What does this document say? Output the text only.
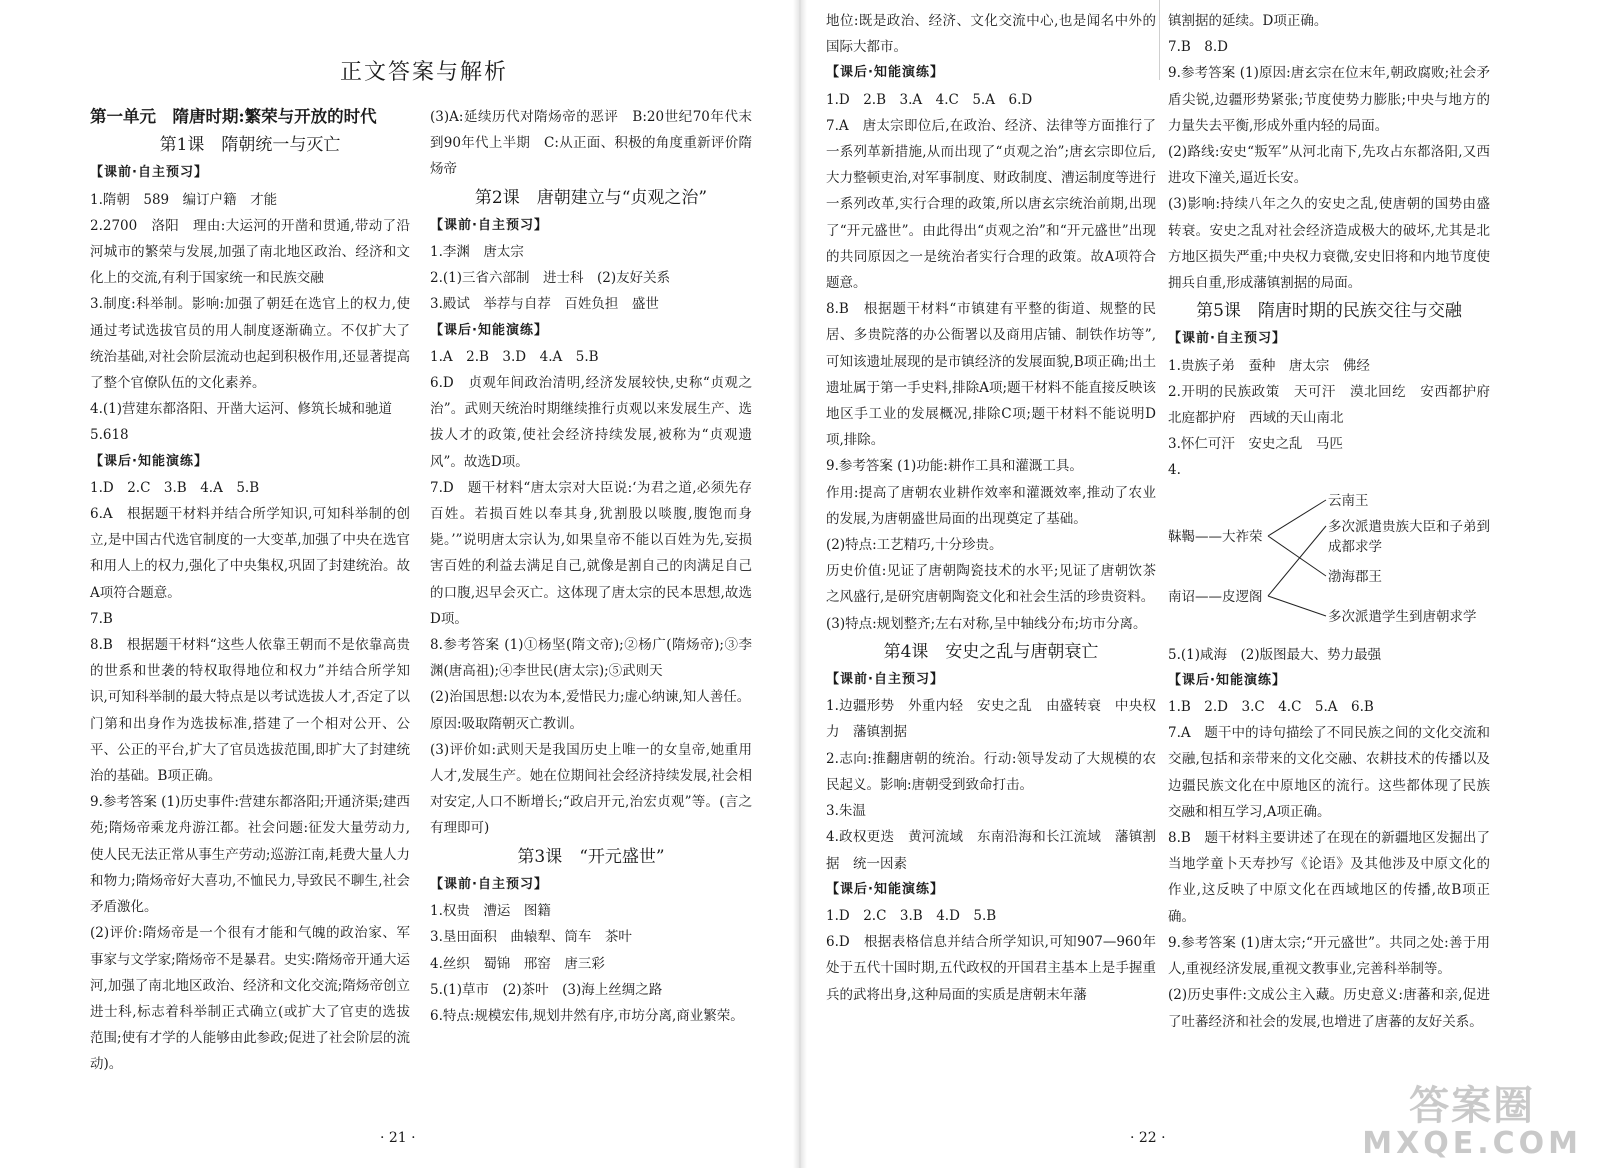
正文答案与解析
第一单元　隋唐时期:繁荣与开放的时代
第1课　隋朝统一与灭亡
【课前·自主预习】
1.隋朝　589　编订户籍　才能
2.2700　洛阳　理由:大运河的开凿和贯通,带动了沿河城市的繁荣与发展,加强了南北地区政治、经济和文化上的交流,有利于国家统一和民族交融
3.制度:科举制。影响:加强了朝廷在选官上的权力,使通过考试选拔官员的用人制度逐渐确立。不仅扩大了统治基础,对社会阶层流动也起到积极作用,还显著提高了整个官僚队伍的文化素养。
4.(1)营建东都洛阳、开凿大运河、修筑长城和驰道
5.618
【课后·知能演练】
1.D　2.C　3.B　4.A　5.B
6.A　根据题干材料并结合所学知识,可知科举制的创立,是中国古代选官制度的一大变革,加强了中央在选官和用人上的权力,强化了中央集权,巩固了封建统治。故A项符合题意。
7.B
8.B　根据题干材料“这些人依靠王朝而不是依靠高贵的世系和世袭的特权取得地位和权力”并结合所学知识,可知科举制的最大特点是以考试选拔人才,否定了以门第和出身作为选拔标准,搭建了一个相对公开、公平、公正的平台,扩大了官员选拔范围,即扩大了封建统治的基础。B项正确。
9.参考答案 (1)历史事件:营建东都洛阳;开通济渠;建西苑;隋炀帝乘龙舟游江都。社会问题:征发大量劳动力,使人民无法正常从事生产劳动;巡游江南,耗费大量人力和物力;隋炀帝好大喜功,不恤民力,导致民不聊生,社会矛盾激化。
(2)评价:隋炀帝是一个很有才能和气魄的政治家、军事家与文学家;隋炀帝不是暴君。史实:隋炀帝开通大运河,加强了南北地区政治、经济和文化交流;隋炀帝创立进士科,标志着科举制正式确立(或扩大了官吏的选拔范围;使有才学的人能够由此参政;促进了社会阶层的流动)。
(3)A:延续历代对隋炀帝的恶评　B:20世纪70年代末到90年代上半期　C:从正面、积极的角度重新评价隋炀帝
第2课　唐朝建立与“贞观之治”
【课前·自主预习】
1.李渊　唐太宗
2.(1)三省六部制　进士科　(2)友好关系
3.殿试　举荐与自荐　百姓负担　盛世
【课后·知能演练】
1.A　2.B　3.D　4.A　5.B
6.D　贞观年间政治清明,经济发展较快,史称“贞观之治”。武则天统治时期继续推行贞观以来发展生产、选拔人才的政策,使社会经济持续发展,被称为“贞观遗风”。故选D项。
7.D　题干材料“唐太宗对大臣说:‘为君之道,必须先存百姓。若损百姓以奉其身,犹割股以啖腹,腹饱而身毙。’”说明唐太宗认为,如果皇帝不能以百姓为先,妄损害百姓的利益去满足自己,就像是割自己的肉满足自己的口腹,迟早会灭亡。这体现了唐太宗的民本思想,故选D项。
8.参考答案 (1)①杨坚(隋文帝);②杨广(隋炀帝);③李渊(唐高祖);④李世民(唐太宗);⑤武则天
(2)治国思想:以农为本,爱惜民力;虚心纳谏,知人善任。
原因:吸取隋朝灭亡教训。
(3)评价如:武则天是我国历史上唯一的女皇帝,她重用人才,发展生产。她在位期间社会经济持续发展,社会相对安定,人口不断增长;“政启开元,治宏贞观”等。(言之有理即可)
第3课　“开元盛世”
【课前·自主预习】
1.权贵　漕运　图籍
3.垦田面积　曲辕犁、筒车　茶叶
4.丝织　蜀锦　邢窑　唐三彩
5.(1)草市　(2)茶叶　(3)海上丝绸之路
6.特点:规模宏伟,规划井然有序,市坊分离,商业繁荣。
· 21 ·
地位:既是政治、经济、文化交流中心,也是闻名中外的国际大都市。
【课后·知能演练】
1.D　2.B　3.A　4.C　5.A　6.D
7.A　唐太宗即位后,在政治、经济、法律等方面推行了一系列革新措施,从而出现了“贞观之治”;唐玄宗即位后,大力整顿吏治,对军事制度、财政制度、漕运制度等进行一系列改革,实行合理的政策,所以唐玄宗统治前期,出现了“开元盛世”。由此得出“贞观之治”和“开元盛世”出现的共同原因之一是统治者实行合理的政策。故A项符合题意。
8.B　根据题干材料“市镇建有平整的街道、规整的民居、多贵院落的办公衙署以及商用店铺、制铁作坊等”,可知该遗址展现的是市镇经济的发展面貌,B项正确;出土遗址属于第一手史料,排除A项;题干材料不能直接反映该地区手工业的发展概况,排除C项;题干材料不能说明D项,排除。
9.参考答案 (1)功能:耕作工具和灌溉工具。
作用:提高了唐朝农业耕作效率和灌溉效率,推动了农业的发展,为唐朝盛世局面的出现奠定了基础。
(2)特点:工艺精巧,十分珍贵。
历史价值:见证了唐朝陶瓷技术的水平;见证了唐朝饮茶之风盛行,是研究唐朝陶瓷文化和社会生活的珍贵资料。
(3)特点:规划整齐;左右对称,呈中轴线分布;坊市分离。
第4课　安史之乱与唐朝衰亡
【课前·自主预习】
1.边疆形势　外重内轻　安史之乱　由盛转衰　中央权力　藩镇割据
2.志向:推翻唐朝的统治。行动:领导发动了大规模的农民起义。影响:唐朝受到致命打击。
3.朱温
4.政权更迭　黄河流域　东南沿海和长江流域　藩镇割据　统一因素
【课后·知能演练】
1.D　2.C　3.B　4.D　5.B
6.D　根据表格信息并结合所学知识,可知907—960年处于五代十国时期,五代政权的开国君主基本上是手握重兵的武将出身,这种局面的实质是唐朝末年藩
镇割据的延续。D项正确。
7.B　8.D
9.参考答案 (1)原因:唐玄宗在位末年,朝政腐败;社会矛盾尖锐,边疆形势紧张;节度使势力膨胀;中央与地方的力量失去平衡,形成外重内轻的局面。
(2)路线:安史“叛军”从河北南下,先攻占东都洛阳,又西进攻下潼关,逼近长安。
(3)影响:持续八年之久的安史之乱,使唐朝的国势由盛转衰。安史之乱对社会经济造成极大的破坏,尤其是北方地区损失严重;中央权力衰微,安史旧将和内地节度使拥兵自重,形成藩镇割据的局面。
第5课　隋唐时期的民族交往与交融
【课前·自主预习】
1.贵族子弟　蚕种　唐太宗　佛经
2.开明的民族政策　天可汗　漠北回纥　安西都护府　北庭都护府　西域的天山南北
3.怀仁可汗　安史之乱　马匹
4.
靺鞨——大祚荣
南诏——皮逻阁
云南王
多次派遣贵族大臣和子弟到
成都求学
渤海郡王
多次派遣学生到唐朝求学
5.(1)咸海　(2)版图最大、势力最强
【课后·知能演练】
1.B　2.D　3.C　4.C　5.A　6.B
7.A　题干中的诗句描绘了不同民族之间的文化交流和交融,包括和亲带来的文化交融、农耕技术的传播以及边疆民族文化在中原地区的流行。这些都体现了民族交融和相互学习,A项正确。
8.B　题干材料主要讲述了在现在的新疆地区发掘出了当地学童卜天寿抄写《论语》及其他涉及中原文化的作业,这反映了中原文化在西域地区的传播,故B项正确。
9.参考答案 (1)唐太宗;“开元盛世”。共同之处:善于用人,重视经济发展,重视文教事业,完善科举制等。
(2)历史事件:文成公主入藏。历史意义:唐蕃和亲,促进了吐蕃经济和社会的发展,也增进了唐蕃的友好关系。
· 22 ·
答案圈
MXQE.COM
